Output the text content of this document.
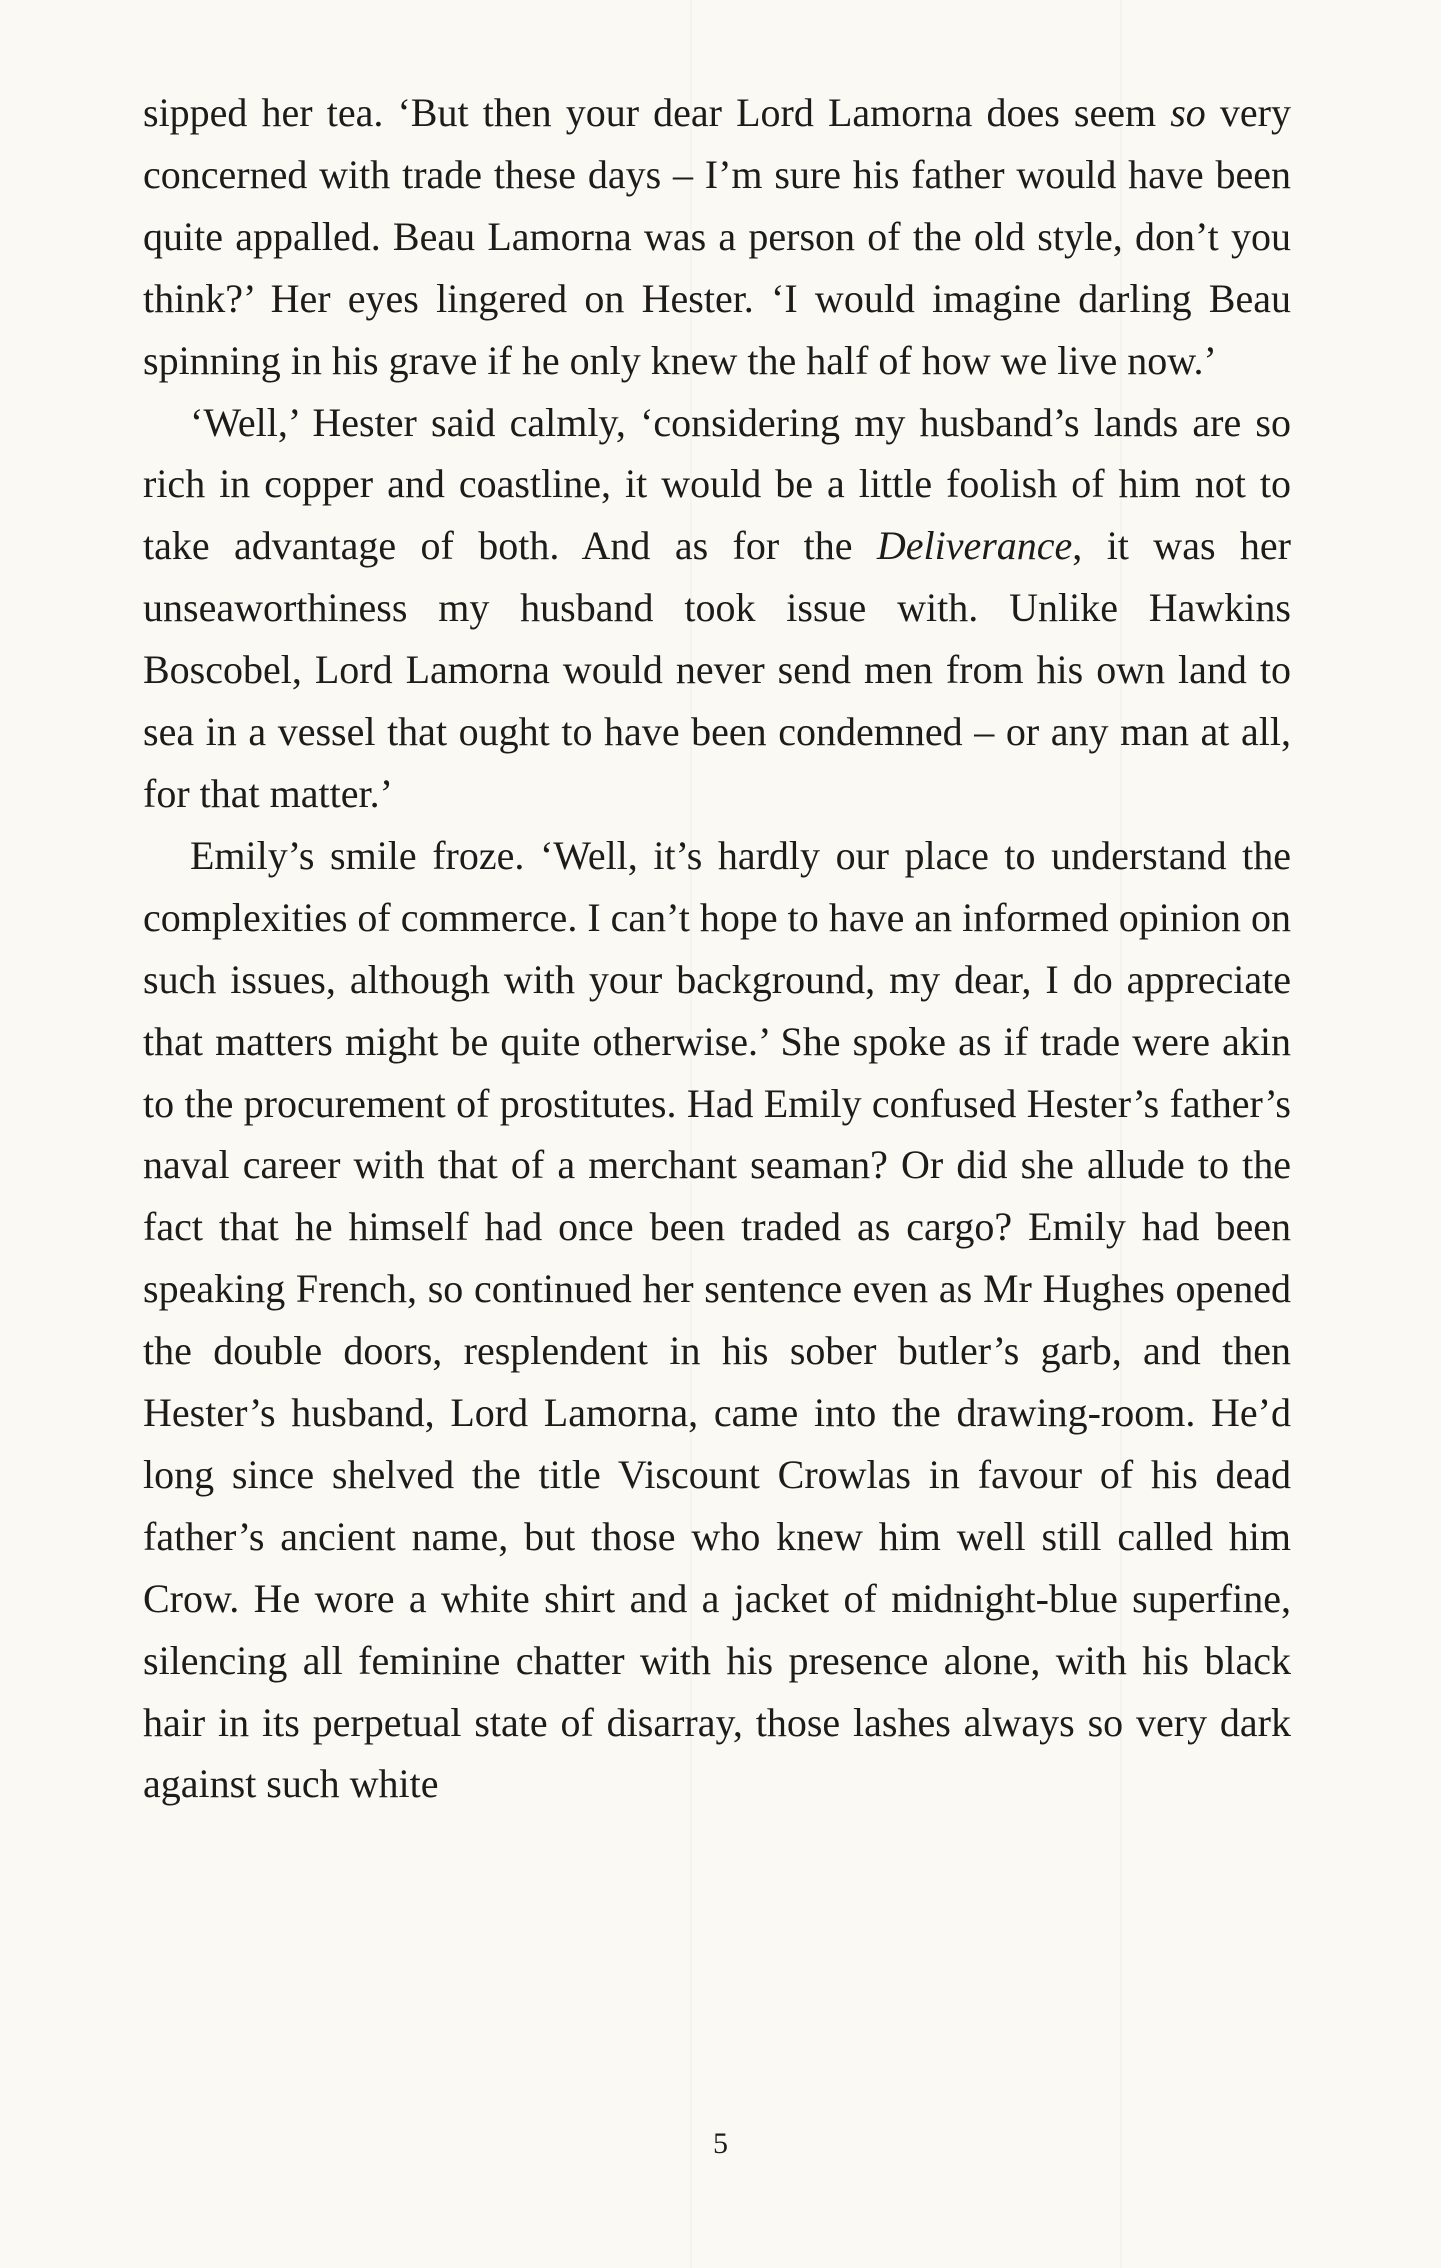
sipped her tea. ‘But then your dear Lord Lamorna does seem so very concerned with trade these days – I’m sure his father would have been quite appalled. Beau Lamorna was a person of the old style, don’t you think?’ Her eyes lingered on Hester. ‘I would imagine darling Beau spinning in his grave if he only knew the half of how we live now.’

‘Well,’ Hester said calmly, ‘considering my husband’s lands are so rich in copper and coastline, it would be a little foolish of him not to take advantage of both. And as for the Deliverance, it was her unseaworthiness my husband took issue with. Unlike Hawkins Boscobel, Lord Lamorna would never send men from his own land to sea in a vessel that ought to have been condemned – or any man at all, for that matter.’

Emily’s smile froze. ‘Well, it’s hardly our place to understand the complexities of commerce. I can’t hope to have an informed opinion on such issues, although with your background, my dear, I do appreciate that matters might be quite otherwise.’ She spoke as if trade were akin to the procurement of prostitutes. Had Emily confused Hester’s father’s naval career with that of a merchant seaman? Or did she allude to the fact that he himself had once been traded as cargo? Emily had been speaking French, so continued her sentence even as Mr Hughes opened the double doors, resplendent in his sober butler’s garb, and then Hester’s husband, Lord Lamorna, came into the drawing-room. He’d long since shelved the title Viscount Crowlas in favour of his dead father’s ancient name, but those who knew him well still called him Crow. He wore a white shirt and a jacket of midnight-blue superfine, silencing all feminine chatter with his presence alone, with his black hair in its perpetual state of disarray, those lashes always so very dark against such white

5
